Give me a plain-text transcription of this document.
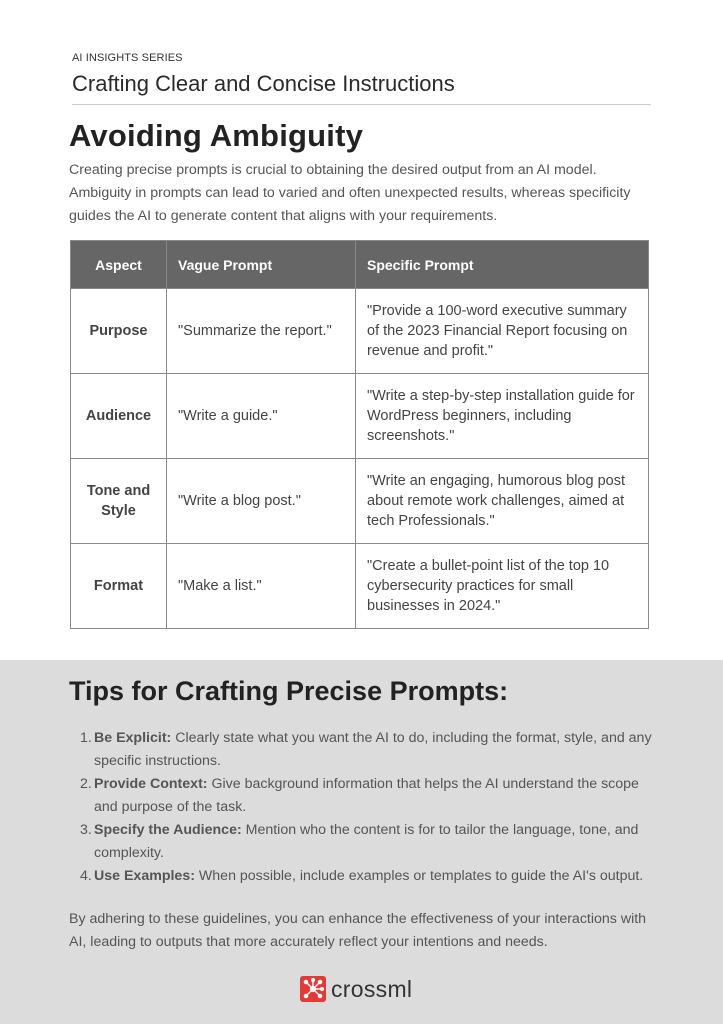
AI INSIGHTS SERIES
Crafting Clear and Concise Instructions
Avoiding Ambiguity
Creating precise prompts is crucial to obtaining the desired output from an AI model. Ambiguity in prompts can lead to varied and often unexpected results, whereas specificity guides the AI to generate content that aligns with your requirements.
Aspect	Vague Prompt	Specific Prompt
Purpose	"Summarize the report."	"Provide a 100-word executive summary of the 2023 Financial Report focusing on revenue and profit."
Audience	"Write a guide."	"Write a step-by-step installation guide for WordPress beginners, including screenshots."
Tone and Style	"Write a blog post."	"Write an engaging, humorous blog post about remote work challenges, aimed at tech Professionals."
Format	"Make a list."	"Create a bullet-point list of the top 10 cybersecurity practices for small businesses in 2024."
Tips for Crafting Precise Prompts:
1. Be Explicit: Clearly state what you want the AI to do, including the format, style, and any specific instructions.
2. Provide Context: Give background information that helps the AI understand the scope and purpose of the task.
3. Specify the Audience: Mention who the content is for to tailor the language, tone, and complexity.
4. Use Examples: When possible, include examples or templates to guide the AI's output.
By adhering to these guidelines, you can enhance the effectiveness of your interactions with AI, leading to outputs that more accurately reflect your intentions and needs.
crossml
